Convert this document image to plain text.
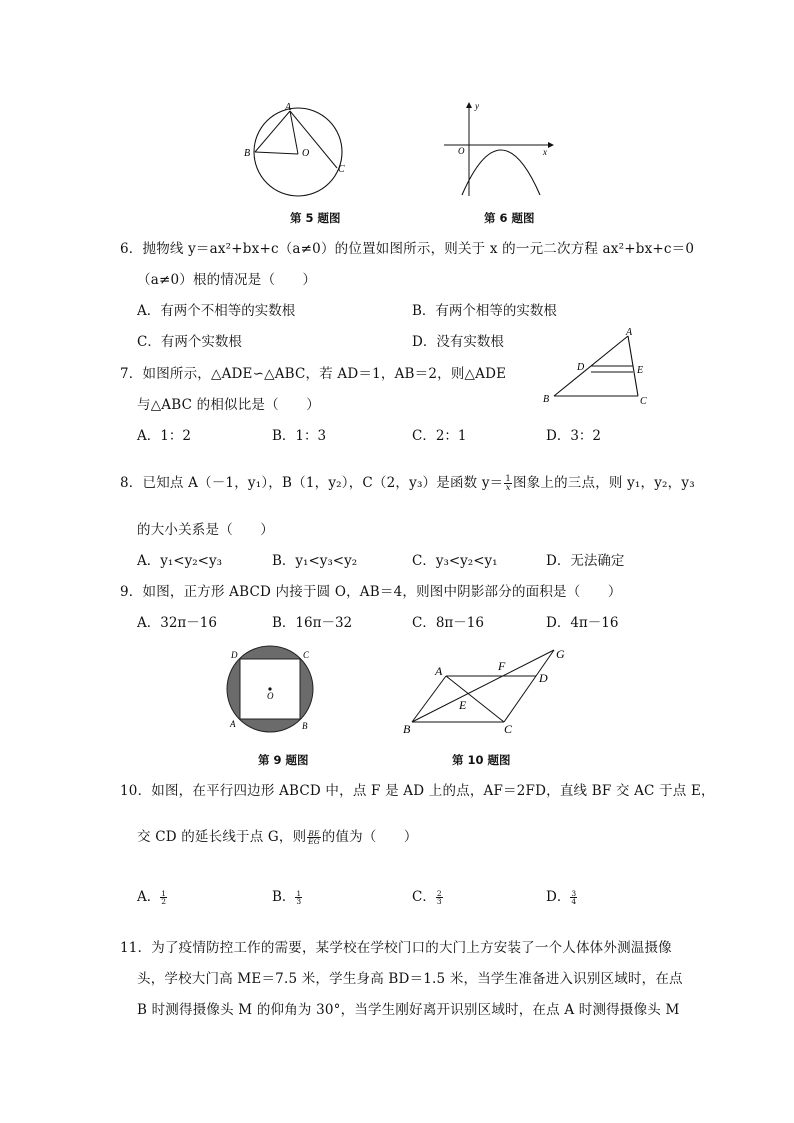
A
B	O
C
第 5 题图
y
x
O
第 6 题图
6．抛物线 y＝ax²+bx+c（a≠0）的位置如图所示，则关于 x 的一元二次方程 ax²+bx+c＝0
（a≠0）根的情况是（　　）
A．有两个不相等的实数根	B．有两个相等的实数根
C．有两个实数根	D．没有实数根
A
D	E
B	C
7．如图所示，△ADE∽△ABC，若 AD＝1，AB＝2，则△ADE
与△ABC 的相似比是（　　）
A．1：2	B．1：3	C．2：1	D．3：2
8．已知点 A（－1，y₁），B（1，y₂），C（2，y₃）是函数 $y= \frac{1}{x}$ 图象上的三点，则 y₁，y₂，y₃
的大小关系是（　　）
A．y₁<y₂<y₃	B．y₁<y₃<y₂	C．y₃<y₂<y₁	D．无法确定
9．如图，正方形 ABCD 内接于圆 O，AB＝4，则图中阴影部分的面积是（　　）
A．32π－16	B．16π－32	C．8π－16	D．4π－16
D	C
O
A	B
第 9 题图
A	F
G
D
E
B	C
第 10 题图
10．如图，在平行四边形 ABCD 中，点 F 是 AD 上的点，AF＝2FD，直线 BF 交 AC 于点 E，
交 CD 的延长线于点 G，则 $\frac{BE}{EG}$ 的值为（　　）
A． $\frac{1}{2}$	B． $\frac{1}{3}$	C． $\frac{2}{3}$	D． $\frac{3}{4}$
11．为了疫情防控工作的需要，某学校在学校门口的大门上方安装了一个人体体外测温摄像
头，学校大门高 ME＝7.5 米，学生身高 BD＝1.5 米，当学生准备进入识别区域时，在点
B 时测得摄像头 M 的仰角为 30°，当学生刚好离开识别区域时，在点 A 时测得摄像头 M
